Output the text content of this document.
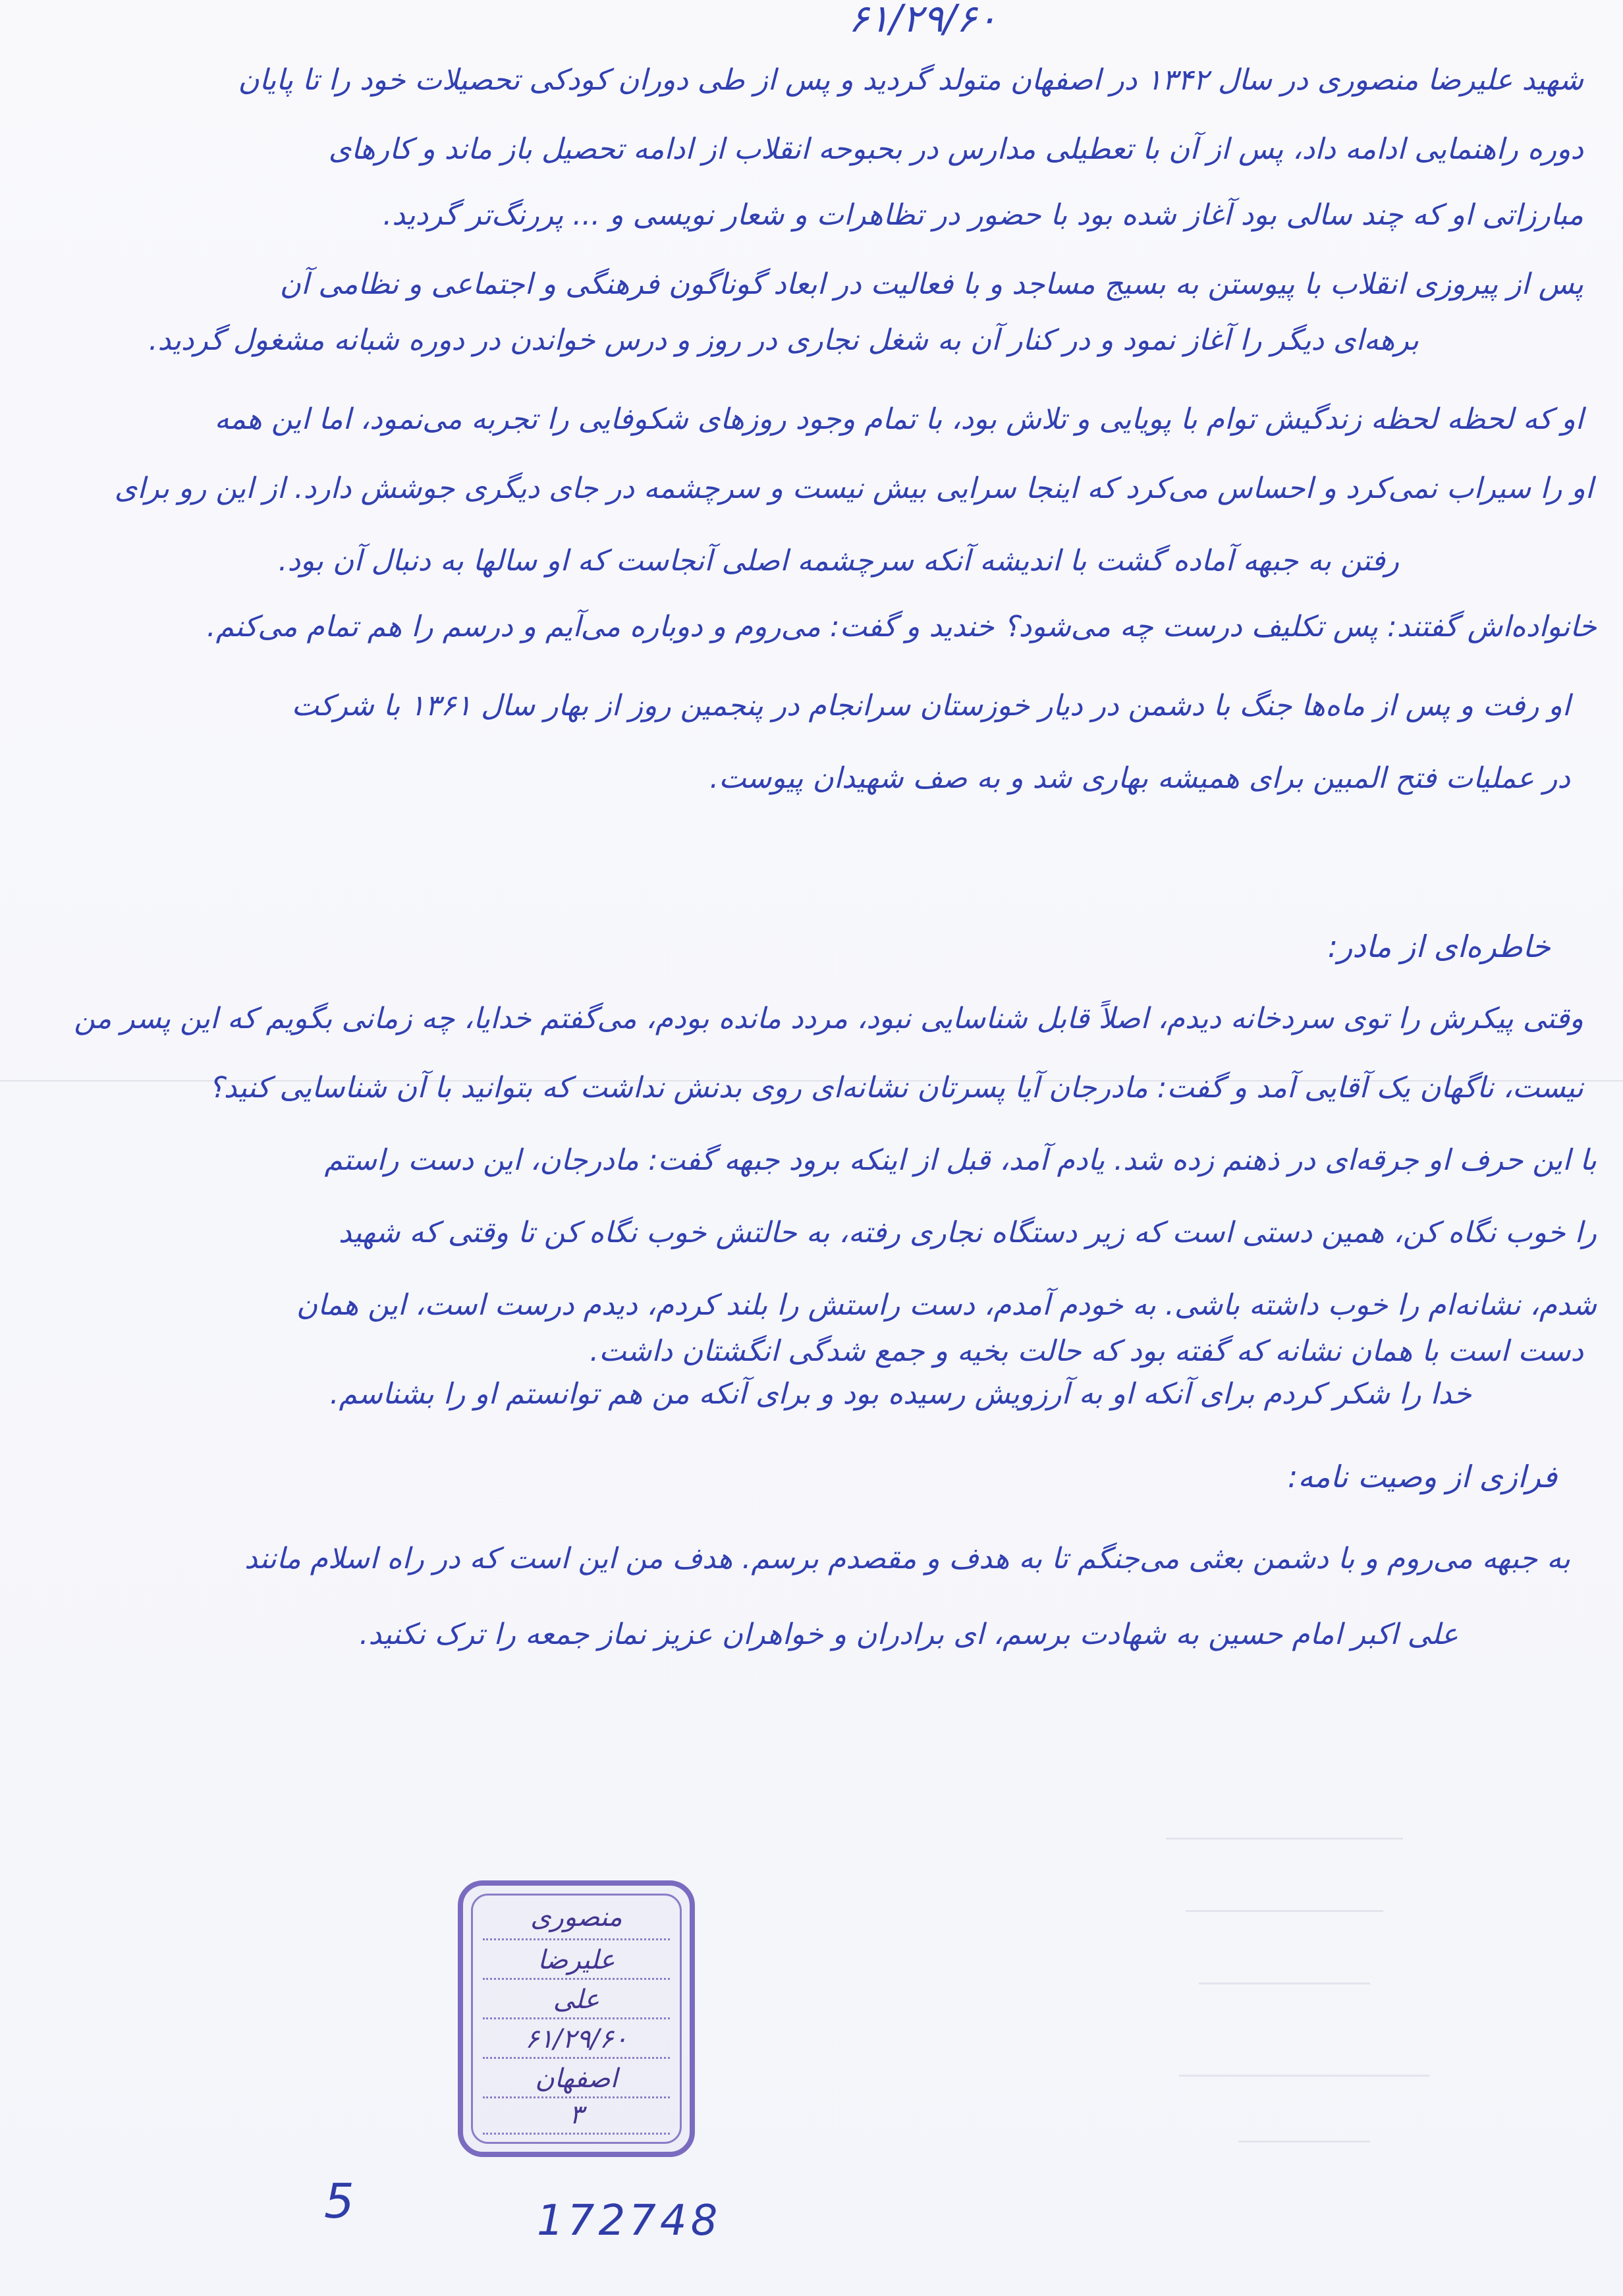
۶۱/۲۹/۶۰
شهید علیرضا منصوری در سال ۱۳۴۲ در اصفهان متولد گردید و پس از طی دوران کودکی تحصیلات خود را تا پایان
دوره راهنمایی ادامه داد، پس از آن با تعطیلی مدارس در بحبوحه انقلاب از ادامه تحصیل باز ماند و کارهای
مبارزاتی او که چند سالی بود آغاز شده بود با حضور در تظاهرات و شعار نویسی و ... پررنگ‌تر گردید.
پس از پیروزی انقلاب با پیوستن به بسیج مساجد و با فعالیت در ابعاد گوناگون فرهنگی و اجتماعی و نظامی آن
برهه‌ای دیگر را آغاز نمود و در کنار آن به شغل نجاری در روز و درس خواندن در دوره شبانه مشغول گردید.
او که لحظه لحظه زندگیش توام با پویایی و تلاش بود، با تمام وجود روزهای شکوفایی را تجربه می‌نمود، اما این همه
او را سیراب نمی‌کرد و احساس می‌کرد که اینجا سرایی بیش نیست و سرچشمه در جای دیگری جوشش دارد. از این رو برای
رفتن به جبهه آماده گشت با اندیشه آنکه سرچشمه اصلی آنجاست که او سالها به دنبال آن بود.
خانواده‌اش گفتند: پس تکلیف درست چه می‌شود؟ خندید و گفت: می‌روم و دوباره می‌آیم و درسم را هم تمام می‌کنم.
او رفت و پس از ماه‌ها جنگ با دشمن در دیار خوزستان سرانجام در پنجمین روز از بهار سال ۱۳۶۱ با شرکت
در عملیات فتح المبین برای همیشه بهاری شد و به صف شهیدان پیوست.
خاطره‌ای از مادر:
وقتی پیکرش را توی سردخانه دیدم، اصلاً قابل شناسایی نبود، مردد مانده بودم، می‌گفتم خدایا، چه زمانی بگویم که این پسر من
نیست، ناگهان یک آقایی آمد و گفت: مادرجان آیا پسرتان نشانه‌ای روی بدنش نداشت که بتوانید با آن شناسایی کنید؟
با این حرف او جرقه‌ای در ذهنم زده شد. یادم آمد، قبل از اینکه برود جبهه گفت: مادرجان، این دست راستم
را خوب نگاه کن، همین دستی است که زیر دستگاه نجاری رفته، به حالتش خوب نگاه کن تا وقتی که شهید
شدم، نشانه‌ام را خوب داشته باشی. به خودم آمدم، دست راستش را بلند کردم، دیدم درست است، این همان
دست است با همان نشانه که گفته بود که حالت بخیه و جمع شدگی انگشتان داشت.
خدا را شکر کردم برای آنکه او به آرزویش رسیده بود و برای آنکه من هم توانستم او را بشناسم.
فرازی از وصیت نامه:
به جبهه می‌روم و با دشمن بعثی می‌جنگم تا به هدف و مقصدم برسم. هدف من این است که در راه اسلام مانند
علی اکبر امام حسین به شهادت برسم، ای برادران و خواهران عزیز نماز جمعه را ترک نکنید.
منصوری
علیرضا
علی
۶۱/۲۹/۶۰
اصفهان
۳
5	172748
